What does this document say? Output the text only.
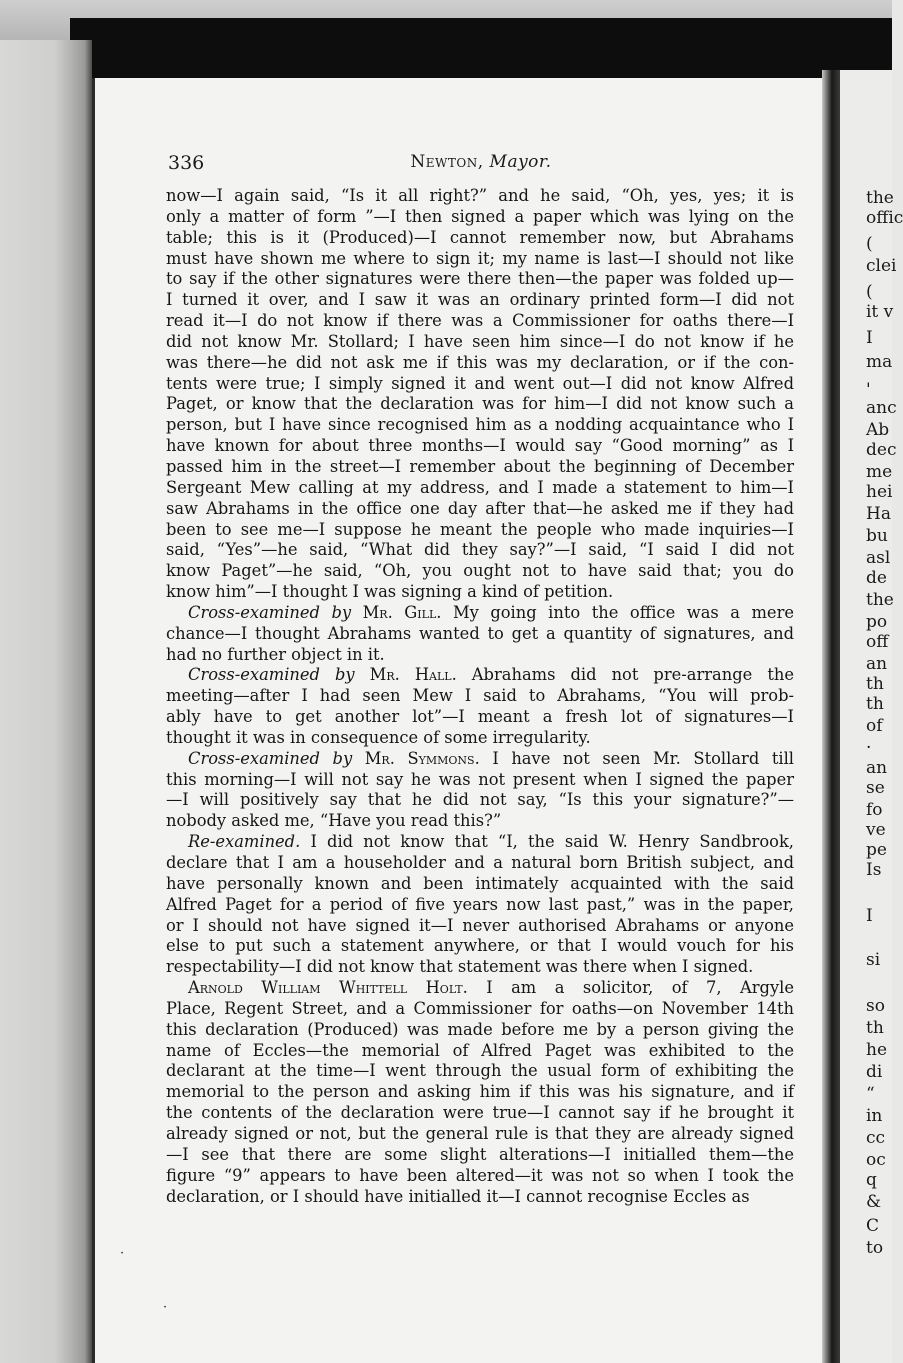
the
offic
(
clei
(
it v
I
ma
'
anc
Ab
dec
me
hei
Ha
bu
asl
de
the
po
off
an
th
th
of
·
an
se
fo
ve
pe
Is
I
si
so
th
he
di
“
in
cc
oc
q
&
C
to
336	Newton, Mayor.
now—I again said, “Is it all right?” and he said, “Oh, yes, yes; it is
only a matter of form ”—I then signed a paper which was lying on the
table; this is it (Produced)—I cannot remember now, but Abrahams
must have shown me where to sign it; my name is last—I should not like
to say if the other signatures were there then—the paper was folded up—
I turned it over, and I saw it was an ordinary printed form—I did not
read it—I do not know if there was a Commissioner for oaths there—I
did not know Mr. Stollard; I have seen him since—I do not know if he
was there—he did not ask me if this was my declaration, or if the con-
tents were true; I simply signed it and went out—I did not know Alfred
Paget, or know that the declaration was for him—I did not know such a
person, but I have since recognised him as a nodding acquaintance who I
have known for about three months—I would say “Good morning” as I
passed him in the street—I remember about the beginning of December
Sergeant Mew calling at my address, and I made a statement to him—I
saw Abrahams in the office one day after that—he asked me if they had
been to see me—I suppose he meant the people who made inquiries—I
said, “Yes”—he said, “What did they say?”—I said, “I said I did not
know Paget”—he said, “Oh, you ought not to have said that; you do
know him”—I thought I was signing a kind of petition.
Cross-examined by Mr. Gill. My going into the office was a mere
chance—I thought Abrahams wanted to get a quantity of signatures, and
had no further object in it.
Cross-examined by Mr. Hall. Abrahams did not pre-arrange the
meeting—after I had seen Mew I said to Abrahams, “You will prob-
ably have to get another lot”—I meant a fresh lot of signatures—I
thought it was in consequence of some irregularity.
Cross-examined by Mr. Symmons. I have not seen Mr. Stollard till
this morning—I will not say he was not present when I signed the paper
—I will positively say that he did not say, “Is this your signature?”—
nobody asked me, “Have you read this?”
Re-examined. I did not know that “I, the said W. Henry Sandbrook,
declare that I am a householder and a natural born British subject, and
have personally known and been intimately acquainted with the said
Alfred Paget for a period of five years now last past,” was in the paper,
or I should not have signed it—I never authorised Abrahams or anyone
else to put such a statement anywhere, or that I would vouch for his
respectability—I did not know that statement was there when I signed.
Arnold William Whittell Holt. I am a solicitor, of 7, Argyle
Place, Regent Street, and a Commissioner for oaths—on November 14th
this declaration (Produced) was made before me by a person giving the
name of Eccles—the memorial of Alfred Paget was exhibited to the
declarant at the time—I went through the usual form of exhibiting the
memorial to the person and asking him if this was his signature, and if
the contents of the declaration were true—I cannot say if he brought it
already signed or not, but the general rule is that they are already signed
—I see that there are some slight alterations—I initialled them—the
figure “9” appears to have been altered—it was not so when I took the
declaration, or I should have initialled it—I cannot recognise Eccles as
·
·
